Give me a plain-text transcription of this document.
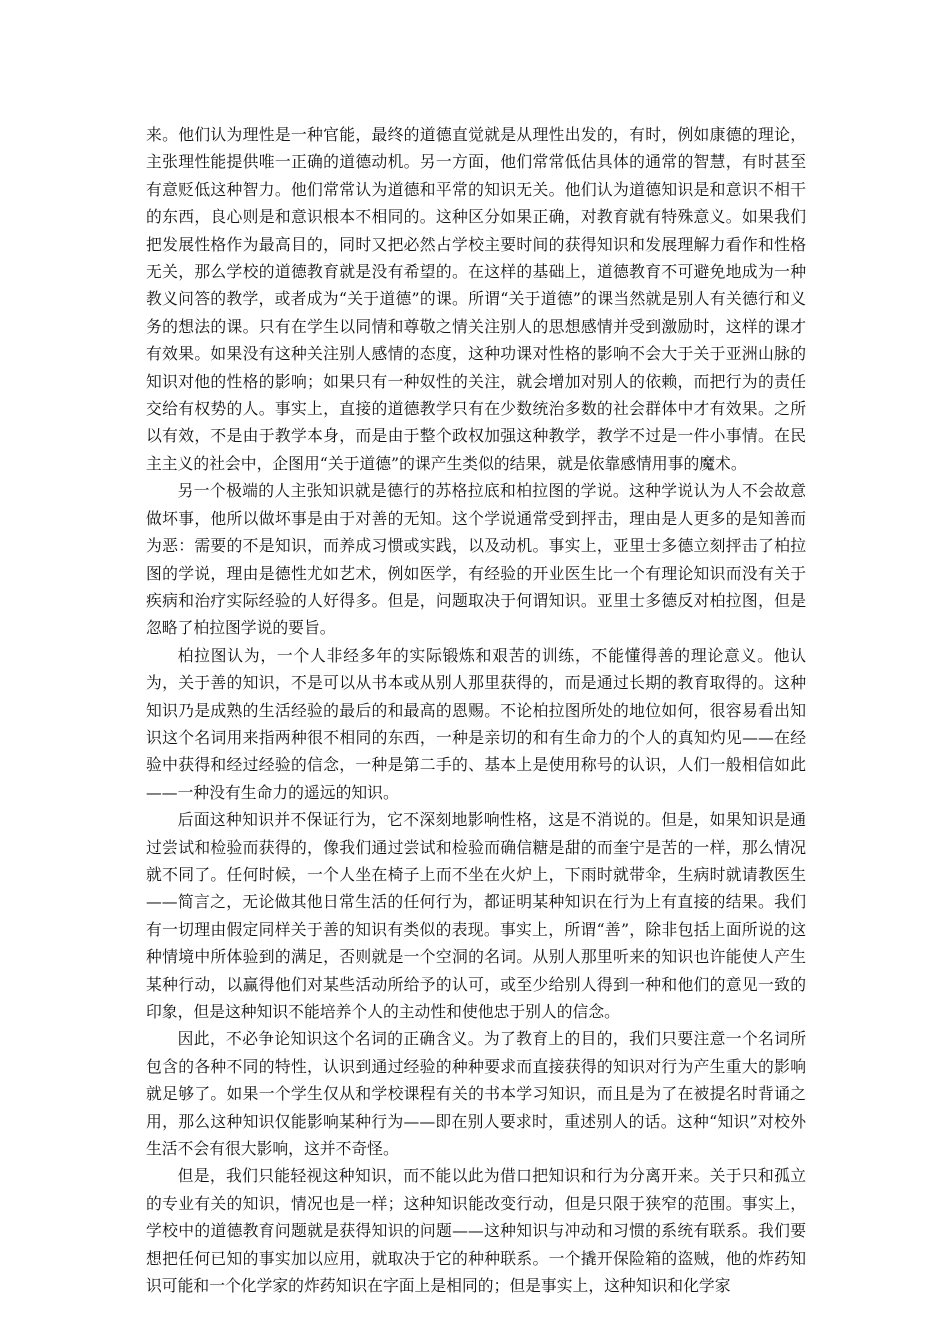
来。他们认为理性是一种官能，最终的道德直觉就是从理性出发的，有时，例如康德的理论，主张理性能提供唯一正确的道德动机。另一方面，他们常常低估具体的通常的智慧，有时甚至有意贬低这种智力。他们常常认为道德和平常的知识无关。他们认为道德知识是和意识不相干的东西，良心则是和意识根本不相同的。这种区分如果正确，对教育就有特殊意义。如果我们把发展性格作为最高目的，同时又把必然占学校主要时间的获得知识和发展理解力看作和性格无关，那么学校的道德教育就是没有希望的。在这样的基础上，道德教育不可避免地成为一种教义问答的教学，或者成为“关于道德”的课。所谓“关于道德”的课当然就是别人有关德行和义务的想法的课。只有在学生以同情和尊敬之情关注别人的思想感情并受到激励时，这样的课才有效果。如果没有这种关注别人感情的态度，这种功课对性格的影响不会大于关于亚洲山脉的知识对他的性格的影响；如果只有一种奴性的关注，就会增加对别人的依赖，而把行为的责任交给有权势的人。事实上，直接的道德教学只有在少数统治多数的社会群体中才有效果。之所以有效，不是由于教学本身，而是由于整个政权加强这种教学，教学不过是一件小事情。在民主主义的社会中，企图用“关于道德”的课产生类似的结果，就是依靠感情用事的魔术。

另一个极端的人主张知识就是德行的苏格拉底和柏拉图的学说。这种学说认为人不会故意做坏事，他所以做坏事是由于对善的无知。这个学说通常受到抨击，理由是人更多的是知善而为恶：需要的不是知识，而养成习惯或实践，以及动机。事实上，亚里士多德立刻抨击了柏拉图的学说，理由是德性尤如艺术，例如医学，有经验的开业医生比一个有理论知识而没有关于疾病和治疗实际经验的人好得多。但是，问题取决于何谓知识。亚里士多德反对柏拉图，但是忽略了柏拉图学说的要旨。

柏拉图认为，一个人非经多年的实际锻炼和艰苦的训练，不能懂得善的理论意义。他认为，关于善的知识，不是可以从书本或从别人那里获得的，而是通过长期的教育取得的。这种知识乃是成熟的生活经验的最后的和最高的恩赐。不论柏拉图所处的地位如何，很容易看出知识这个名词用来指两种很不相同的东西，一种是亲切的和有生命力的个人的真知灼见——在经验中获得和经过经验的信念，一种是第二手的、基本上是使用称号的认识，人们一般相信如此——一种没有生命力的遥远的知识。

后面这种知识并不保证行为，它不深刻地影响性格，这是不消说的。但是，如果知识是通过尝试和检验而获得的，像我们通过尝试和检验而确信糖是甜的而奎宁是苦的一样，那么情况就不同了。任何时候，一个人坐在椅子上而不坐在火炉上，下雨时就带伞，生病时就请教医生——简言之，无论做其他日常生活的任何行为，都证明某种知识在行为上有直接的结果。我们有一切理由假定同样关于善的知识有类似的表现。事实上，所谓“善”，除非包括上面所说的这种情境中所体验到的满足，否则就是一个空洞的名词。从别人那里听来的知识也许能使人产生某种行动，以赢得他们对某些活动所给予的认可，或至少给别人得到一种和他们的意见一致的印象，但是这种知识不能培养个人的主动性和使他忠于别人的信念。

因此，不必争论知识这个名词的正确含义。为了教育上的目的，我们只要注意一个名词所包含的各种不同的特性，认识到通过经验的种种要求而直接获得的知识对行为产生重大的影响就足够了。如果一个学生仅从和学校课程有关的书本学习知识，而且是为了在被提名时背诵之用，那么这种知识仅能影响某种行为——即在别人要求时，重述别人的话。这种“知识”对校外生活不会有很大影响，这并不奇怪。

但是，我们只能轻视这种知识，而不能以此为借口把知识和行为分离开来。关于只和孤立的专业有关的知识，情况也是一样；这种知识能改变行动，但是只限于狭窄的范围。事实上，学校中的道德教育问题就是获得知识的问题——这种知识与冲动和习惯的系统有联系。我们要想把任何已知的事实加以应用，就取决于它的种种联系。一个撬开保险箱的盗贼，他的炸药知识可能和一个化学家的炸药知识在字面上是相同的；但是事实上，这种知识和化学家
